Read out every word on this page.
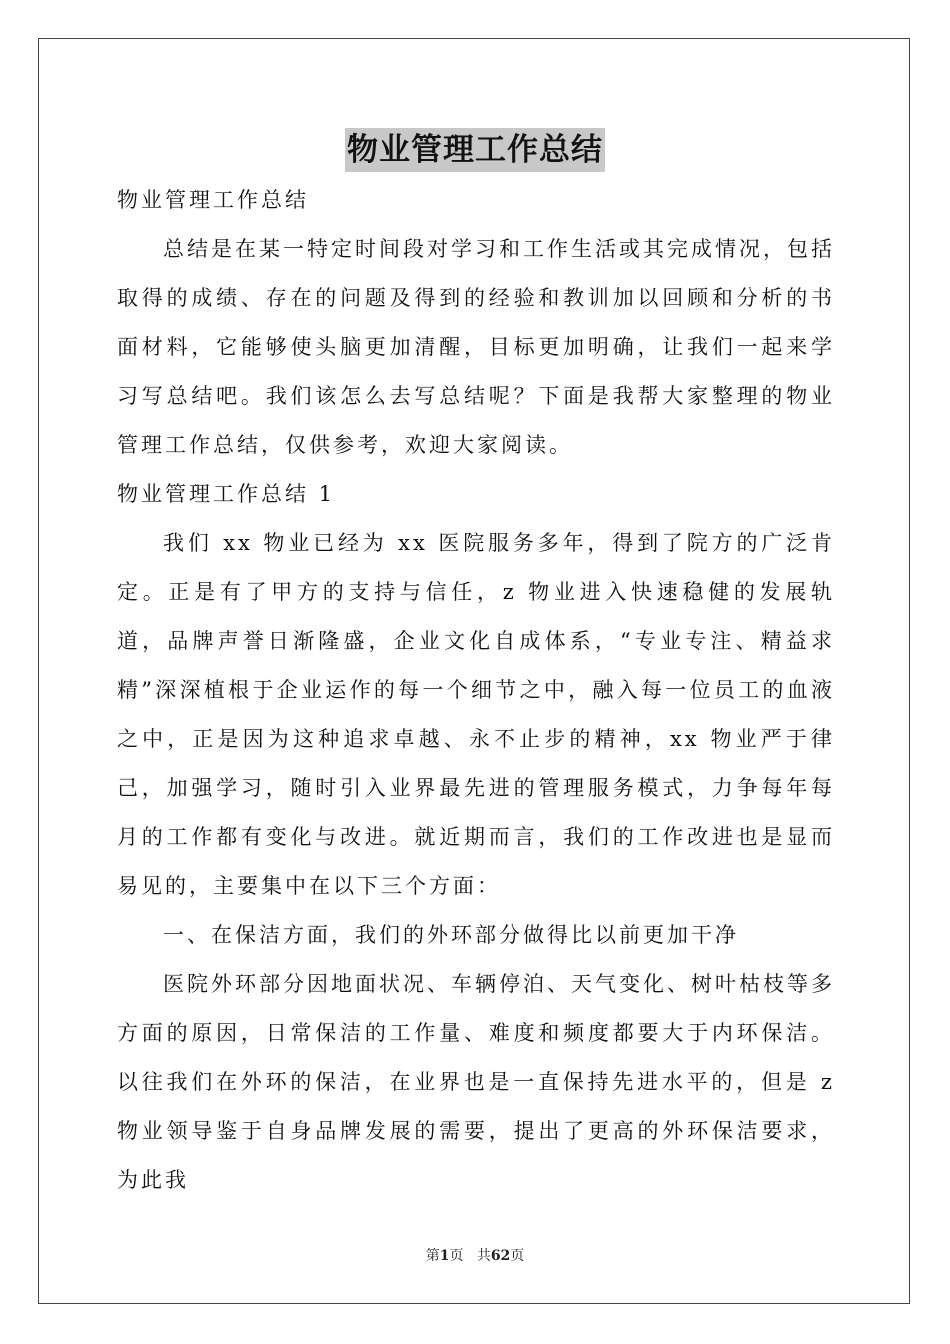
物业管理工作总结

物业管理工作总结

总结是在某一特定时间段对学习和工作生活或其完成情况，包括取得的成绩、存在的问题及得到的经验和教训加以回顾和分析的书面材料，它能够使头脑更加清醒，目标更加明确，让我们一起来学习写总结吧。我们该怎么去写总结呢？下面是我帮大家整理的物业管理工作总结，仅供参考，欢迎大家阅读。

物业管理工作总结 1

我们 xx 物业已经为 xx 医院服务多年，得到了院方的广泛肯定。正是有了甲方的支持与信任，z 物业进入快速稳健的发展轨道，品牌声誉日渐隆盛，企业文化自成体系，“专业专注、精益求精”深深植根于企业运作的每一个细节之中，融入每一位员工的血液之中，正是因为这种追求卓越、永不止步的精神，xx 物业严于律己，加强学习，随时引入业界最先进的管理服务模式，力争每年每月的工作都有变化与改进。就近期而言，我们的工作改进也是显而易见的，主要集中在以下三个方面：

一、在保洁方面，我们的外环部分做得比以前更加干净

医院外环部分因地面状况、车辆停泊、天气变化、树叶枯枝等多方面的原因，日常保洁的工作量、难度和频度都要大于内环保洁。以往我们在外环的保洁，在业界也是一直保持先进水平的，但是 z 物业领导鉴于自身品牌发展的需要，提出了更高的外环保洁要求，为此我

第1页 共62页
